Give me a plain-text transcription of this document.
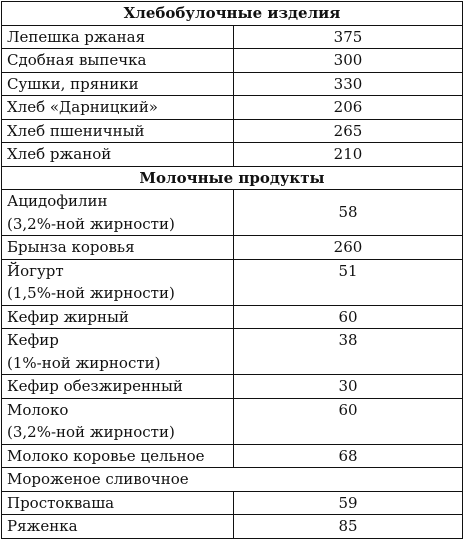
Хлебобулочные изделия	
Лепешка ржаная	375
Сдобная выпечка	300
Сушки, пряники	330
Хлеб «Дарницкий»	206
Хлеб пшеничный	265
Хлеб ржаной	210
Молочные продукты	
Ацидофилин
(3,2%-ной жирности)	58
Брынза коровья	260
Йогурт
(1,5%-ной жирности)	51
Кефир жирный	60
Кефир
(1%-ной жирности)	38
Кефир обезжиренный	30
Молоко
(3,2%-ной жирности)	60
Молоко коровье цельное	68
Мороженое сливочное	
Простокваша	59
Ряженка	85
